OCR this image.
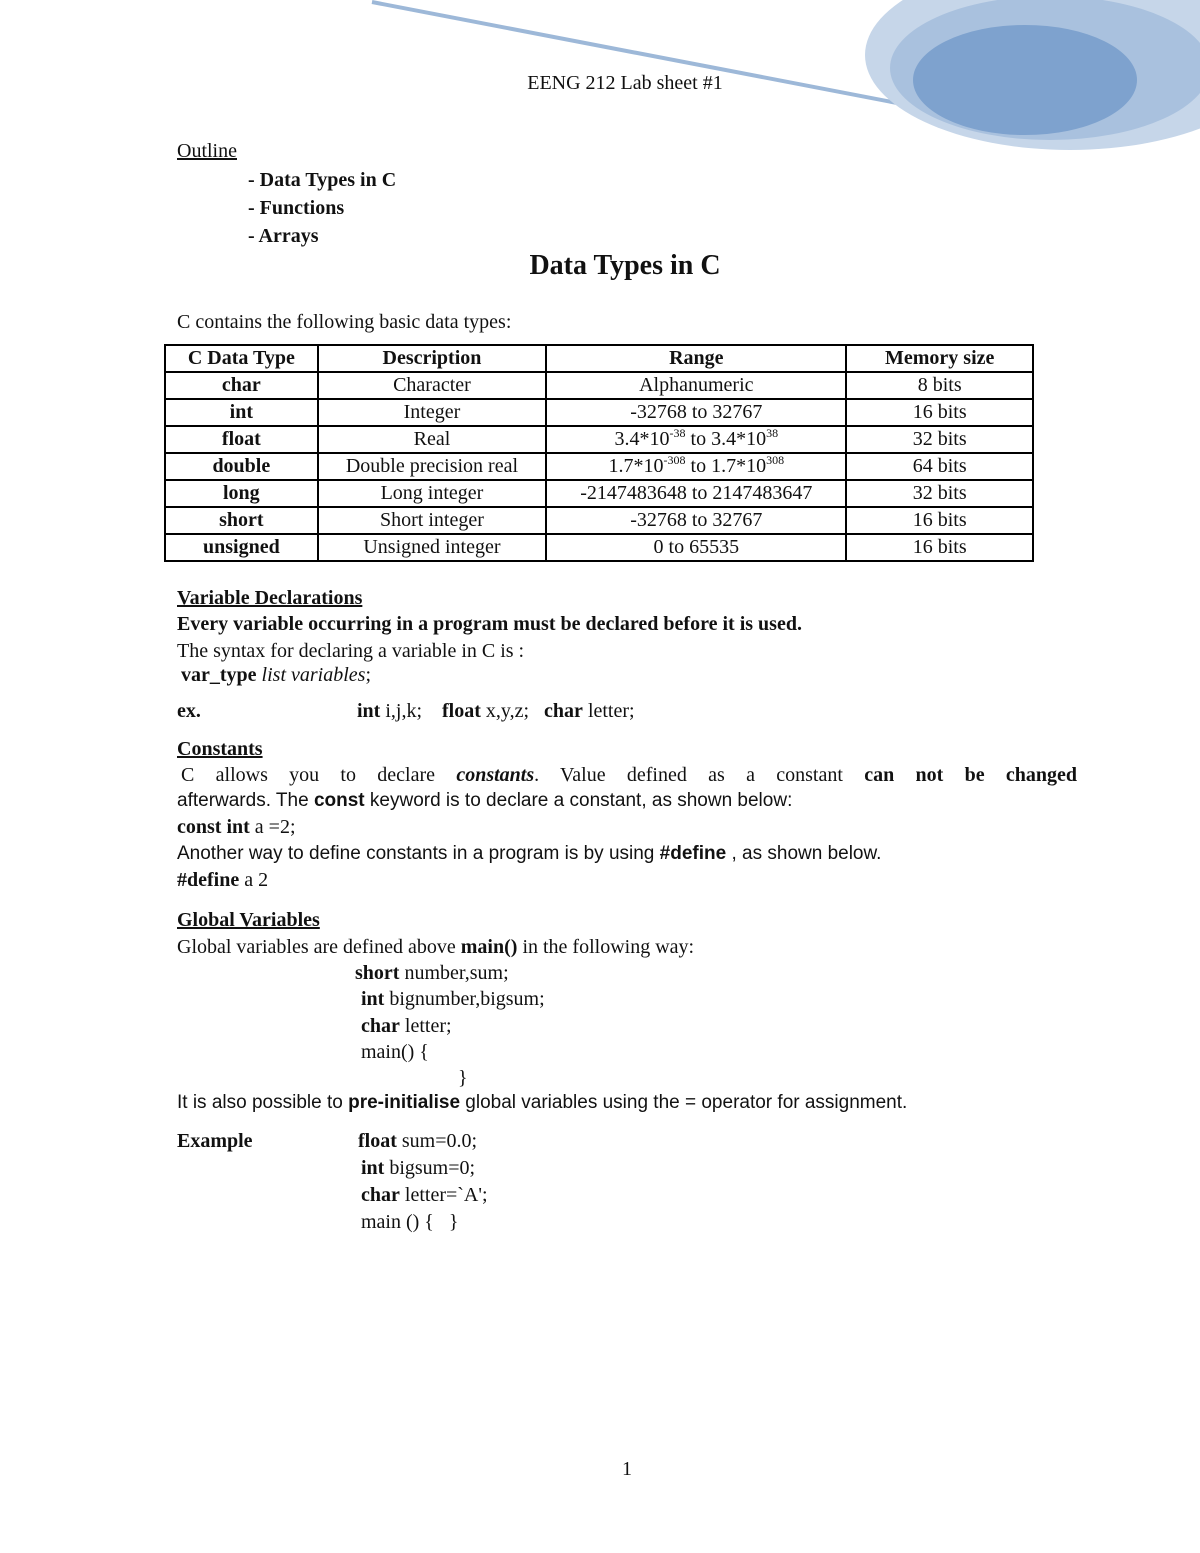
EENG 212 Lab sheet #1
Outline
- Data Types in C
- Functions
- Arrays
Data Types in C
C contains the following basic data types:
C Data Type	Description	Range	Memory size
char	Character	Alphanumeric	8 bits
int	Integer	-32768 to 32767	16 bits
float	Real	$3.4*10^{-38}$ to $3.4*10^{38}$	32 bits
double	Double precision real	$1.7*10^{-308}$ to $1.7*10^{308}$	64 bits
long	Long integer	-2147483648 to 2147483647	32 bits
short	Short integer	-32768 to 32767	16 bits
unsigned	Unsigned integer	0 to 65535	16 bits
Variable Declarations
Every variable occurring in a program must be declared before it is used.
The syntax for declaring a variable in C is :
var_type list variables;
ex.	int i,j,k; float x,y,z; char letter;
Constants
C allows you to declare constants. Value defined as a constant can not be changed
afterwards. The const keyword is to declare a constant, as shown below:
const int a =2;
Another way to define constants in a program is by using #define , as shown below.
#define a 2
Global Variables
Global variables are defined above main() in the following way:
short number,sum;
int bignumber,bigsum;
char letter;
main() {
}
It is also possible to pre-initialise global variables using the = operator for assignment.
Example	float sum=0.0;
int bigsum=0;
char letter=`A';
main () {   }
1
